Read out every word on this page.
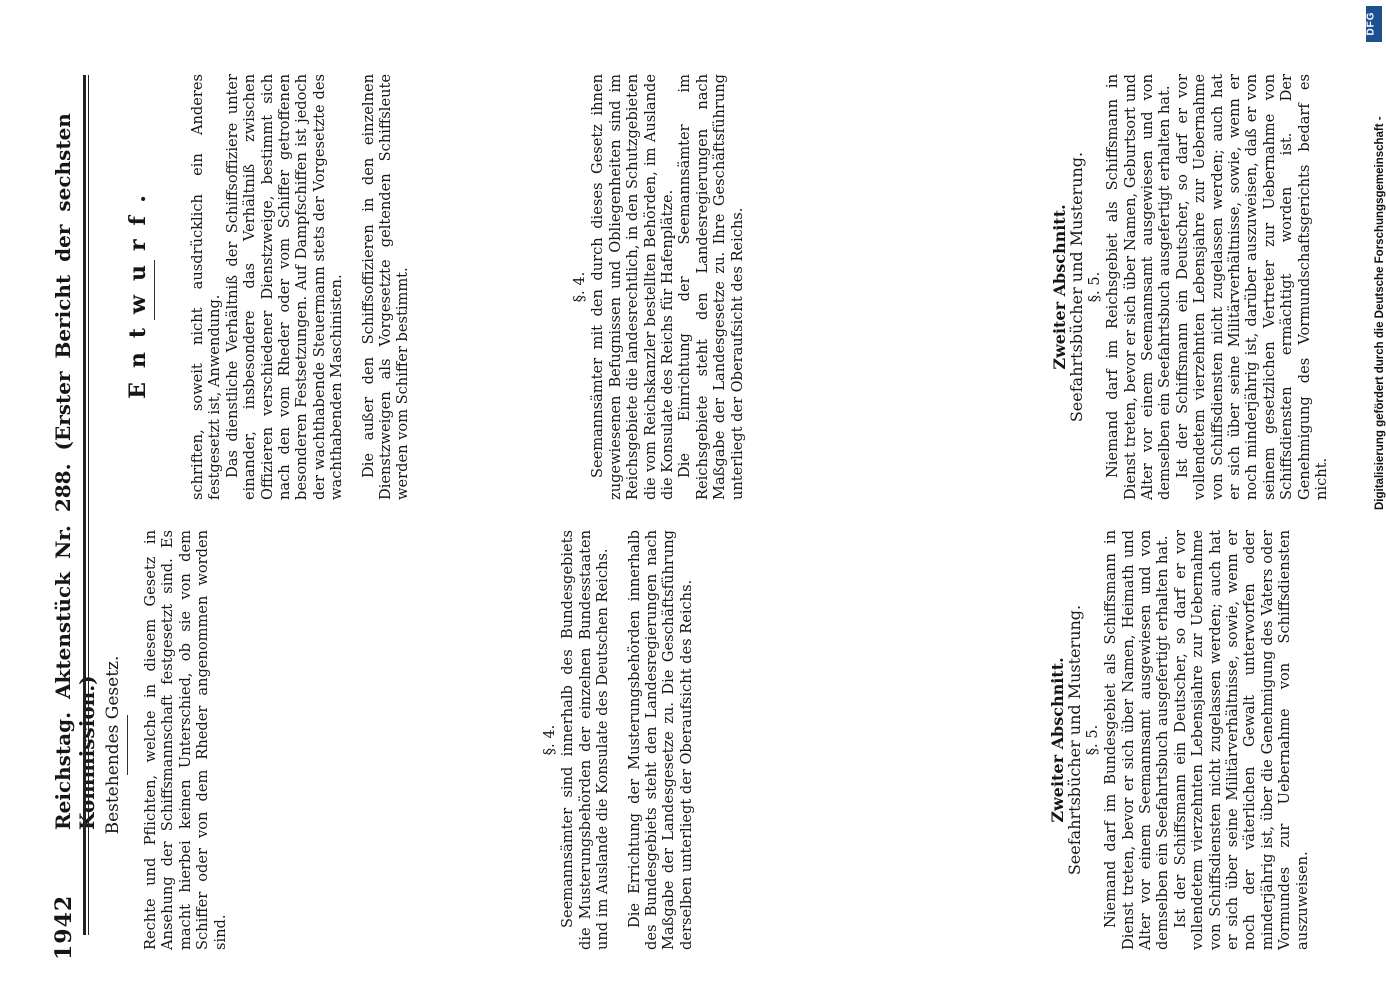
1942
Reichstag. Aktenstück Nr. 288. (Erster Bericht der sechsten Kommission.) Bestehendes Gesetz. Rechte und Pflichten, welche in diesem Gesetz in Ansehung der Schiffsmannschaft festgesetzt sind. Es macht hierbei keinen Unterschied, ob sie von dem Schiffer oder von dem Rheder angenommen worden sind.

§. 4. Seemannsämter sind innerhalb des Bundesgebiets die Musterungsbehörden der einzelnen Bundesstaaten und im Auslande die Konsulate des Deutschen Reichs. Die Errichtung der Musterungsbehörden innerhalb des Bundesgebiets steht den Landesregierungen nach Maßgabe der Landesgesetze zu. Die Geschäftsführung derselben unterliegt der Oberaufsicht des Reichs.	Zweiter Abschnitt.
Seefahrtsbücher und Musterung. §. 5. Niemand darf im Bundesgebiet als Schiffsmann in Dienst treten, bevor er sich über Namen, Heimath und Alter vor einem Seemannsamt ausgewiesen und von demselben ein Seefahrtsbuch ausgefertigt erhalten hat. Ist der Schiffsmann ein Deutscher, so darf er vor vollendetem vierzehnten Lebensjahre zur Uebernahme von Schiffsdiensten nicht zugelassen werden; auch hat er sich über seine Militärverhältnisse, sowie, wenn er noch der väterlichen Gewalt unterworfen oder minderjährig ist, über die Genehmigung des Vaters oder Vormundes zur Uebernahme von Schiffsdiensten auszuweisen.

Entwurf.	schriften, soweit nicht ausdrücklich ein Anderes festgesetzt ist, Anwendung. Das dienstliche Verhältniß der Schiffsoffiziere unter einander, insbesondere das Verhältniß zwischen Offizieren verschiedener Dienstzweige, bestimmt sich nach den vom Rheder oder vom Schiffer getroffenen besonderen Festsetzungen. Auf Dampfschiffen ist jedoch der wachthabende Steuermann stets der Vorgesetzte des wachthabenden Maschinisten. Die außer den Schiffsoffizieren in den einzelnen Dienstzweigen als Vorgesetzte geltenden Schiffsleute werden vom Schiffer bestimmt.	§. 4. Seemannsämter mit den durch dieses Gesetz ihnen zugewiesenen Befugnissen und Obliegenheiten sind im Reichsgebiete die landesrechtlich, in den Schutzgebieten die vom Reichskanzler bestellten Behörden, im Auslande die Konsulate des Reichs für Hafenplätze. Die Einrichtung der Seemannsämter im Reichsgebiete steht den Landesregierungen nach Maßgabe der Landesgesetze zu. Ihre Geschäftsführung unterliegt der Oberaufsicht des Reichs.	Zweiter Abschnitt.
Seefahrtsbücher und Musterung. §. 5. Niemand darf im Reichsgebiet als Schiffsmann in Dienst treten, bevor er sich über Namen, Geburtsort und Alter vor einem Seemannsamt ausgewiesen und von demselben ein Seefahrtsbuch ausgefertigt erhalten hat. Ist der Schiffsmann ein Deutscher, so darf er vor vollendetem vierzehnten Lebensjahre zur Uebernahme von Schiffsdiensten nicht zugelassen werden; auch hat er sich über seine Militärverhältnisse, sowie, wenn er noch minderjährig ist, darüber auszuweisen, daß er von seinem gesetzlichen Vertreter zur Uebernahme von Schiffsdiensten ermächtigt worden ist. Der Genehmigung des Vormundschaftsgerichts bedarf es nicht.

DFG
Digitalisierung gefördert durch die Deutsche Forschungsgemeinschaft -
